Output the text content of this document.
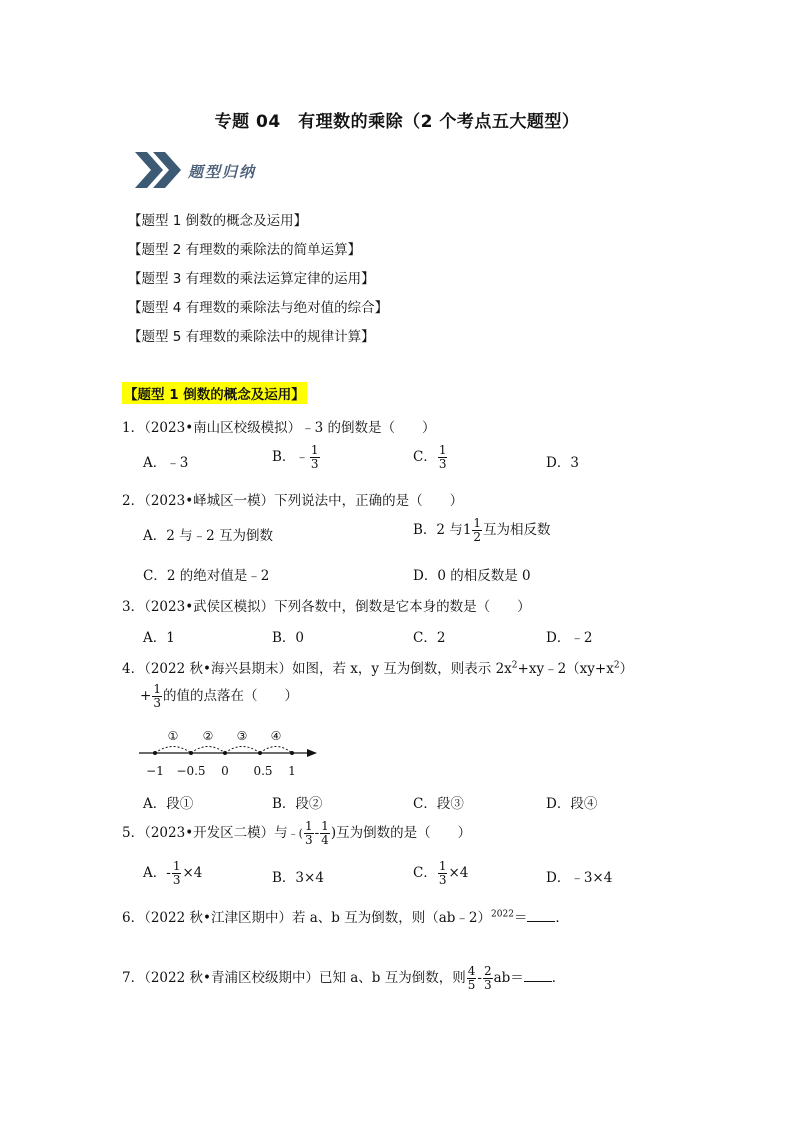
专题 04　有理数的乘除（2 个考点五大题型）
题型归纳
【题型 1 倒数的概念及运用】
【题型 2 有理数的乘除法的简单运算】
【题型 3 有理数的乘法运算定律的运用】
【题型 4 有理数的乘除法与绝对值的综合】
【题型 5 有理数的乘除法中的规律计算】
【题型 1 倒数的概念及运用】
1．（2023•南山区校级模拟）﹣3 的倒数是（　　）
A．﹣3	B．﹣ $\frac{1}{3}$	C． $\frac{1}{3}$	D．3
2．（2023•峄城区一模）下列说法中，正确的是（　　）
A．2 与﹣2 互为倒数	B．2 与$1 \frac{1}{2}$ 互为相反数
C．2 的绝对值是﹣2	D．0 的相反数是 0
3．（2023•武侯区模拟）下列各数中，倒数是它本身的数是（　　）
A．1	B．0	C．2	D．﹣2
4．（2022 秋•海兴县期末）如图，若 x，y 互为倒数，则表示 $2x^2+xy﹣2(xy+x^2)$
+ $\frac{1}{3}$ 的值的点落在（　　）
① ② ③ ④
−1 −0.5 0 0.5 1
A．段①	B．段②	C．段③	D．段④
5．（2023•开发区二模）与﹣( $\frac{1}{3} - \frac{1}{4}$ )互为倒数的是（　　）
A．- $\frac{1}{3} \times 4$	B．3×4	C． $\frac{1}{3} \times 4$	D．﹣3×4
6．（2022 秋•江津区期中）若 a、b 互为倒数，则（ab﹣2）$^{2022}$＝ ．
7．（2022 秋•青浦区校级期中）已知 a、b 互为倒数，则 $\frac{4}{5} - \frac{2}{3} ab=$ ．
